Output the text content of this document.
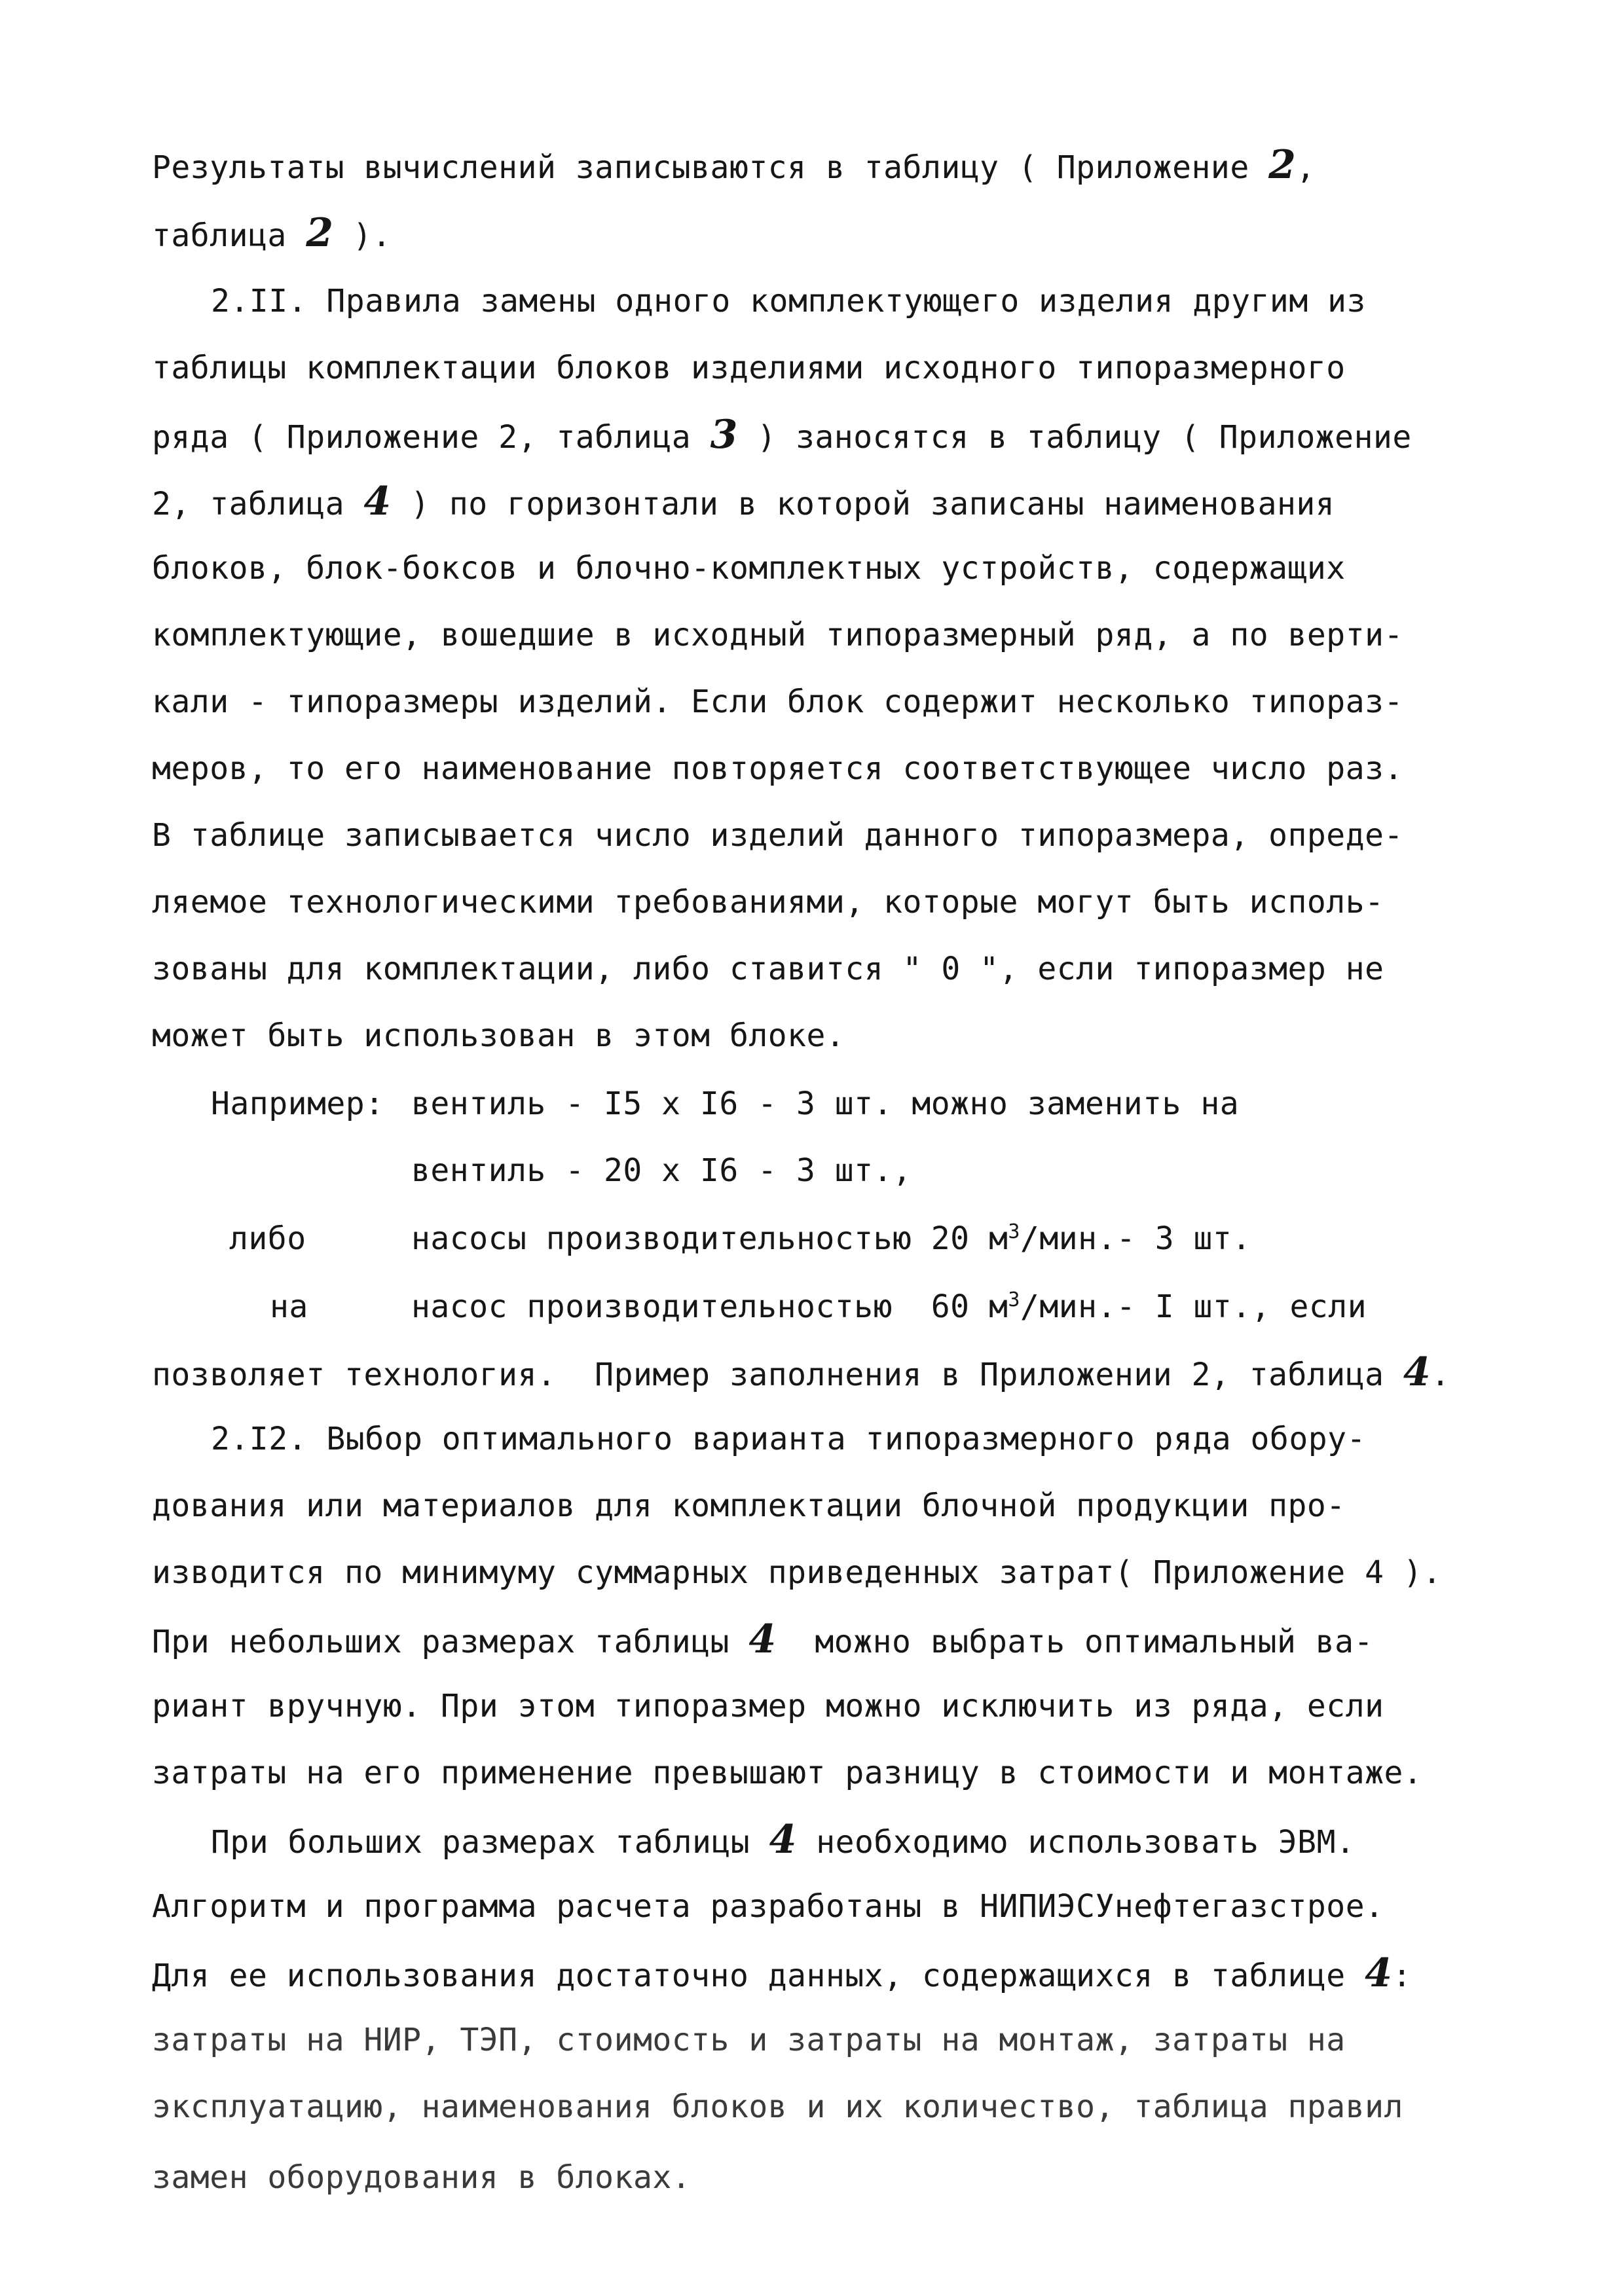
Результаты вычислений записываются в таблицу ( Приложение 2,
таблица 2 ).
2.II. Правила замены одного комплектующего изделия другим из
таблицы комплектации блоков изделиями исходного типоразмерного
ряда ( Приложение 2, таблица 3 ) заносятся в таблицу ( Приложение
2, таблица 4 ) по горизонтали в которой записаны наименования
блоков, блок-боксов и блочно-комплектных устройств, содержащих
комплектующие, вошедшие в исходный типоразмерный ряд, а по верти-
кали - типоразмеры изделий. Если блок содержит несколько типораз-
меров, то его наименование повторяется соответствующее число раз.
В таблице записывается число изделий данного типоразмера, опреде-
ляемое технологическими требованиями, которые могут быть исполь-
зованы для комплектации, либо ставится " 0 ", если типоразмер не
может быть использован в этом блоке.
Например: вентиль - I5 x I6 - 3 шт. можно заменить на
вентиль - 20 x I6 - 3 шт.,
либо	насосы производительностью 20 $м^3/мин.-$ 3 шт.
на	насос производительностью  60 $м^3/мин.-$ I шт., если
позволяет технология.  Пример заполнения в Приложении 2, таблица 4.
2.I2. Выбор оптимального варианта типоразмерного ряда обору-
дования или материалов для комплектации блочной продукции про-
изводится по минимуму суммарных приведенных затрат( Приложение 4 ).
При небольших размерах таблицы 4  можно выбрать оптимальный ва-
риант вручную. При этом типоразмер можно исключить из ряда, если
затраты на его применение превышают разницу в стоимости и монтаже.
При больших размерах таблицы 4 необходимо использовать ЭВМ.
Алгоритм и программа расчета разработаны в НИПИЭСУнефтегазстрое.
Для ее использования достаточно данных, содержащихся в таблице 4:
затраты на НИР, ТЭП, стоимость и затраты на монтаж, затраты на
эксплуатацию, наименования блоков и их количество, таблица правил
замен оборудования в блоках.
